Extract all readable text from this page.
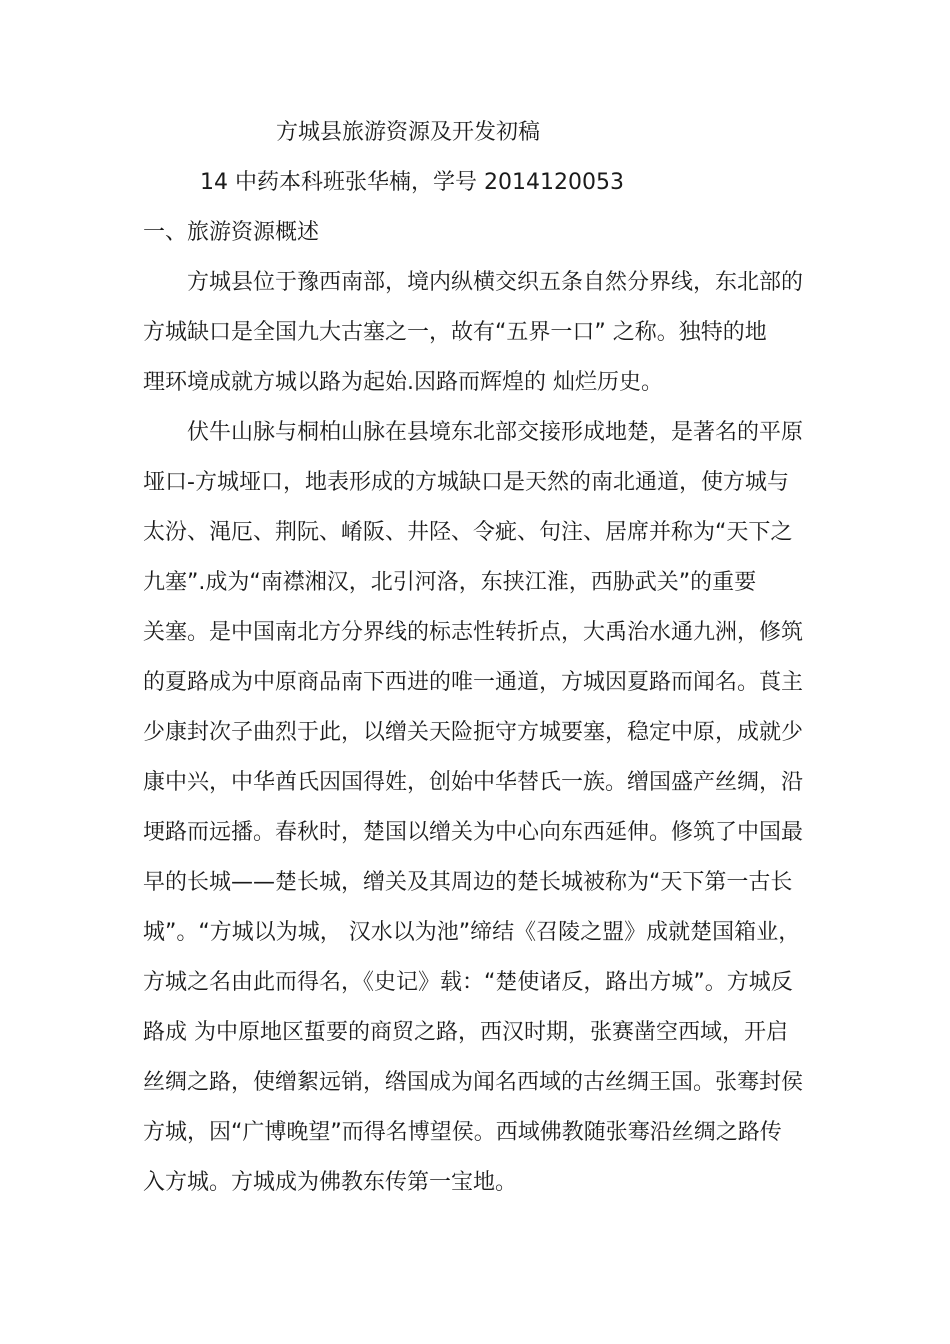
方城县旅游资源及开发初稿
14 中药本科班张华楠，学号 2014120053
一、旅游资源概述
方城县位于豫西南部，境内纵横交织五条自然分界线，东北部的
方城缺口是全国九大古塞之一，故有“五界一口” 之称。独特的地
理环境成就方城以路为起始.因路而辉煌的 灿烂历史。
伏牛山脉与桐柏山脉在县境东北部交接形成地楚，是著名的平原
垭口-方城垭口，地表形成的方城缺口是天然的南北通道，使方城与
太汾、渑厄、荆阮、崤阪、井陉、令疵、句注、居席并称为“天下之
九塞”.成为“南襟湘汉，北引河洛，东挟江淮，西胁武关”的重要
关塞。是中国南北方分界线的标志性转折点，大禹治水通九洲，修筑
的夏路成为中原商品南下西进的唯一通道，方城因夏路而闻名。莨主
少康封次子曲烈于此，以缯关天险扼守方城要塞，稳定中原，成就少
康中兴，中华酋氏因国得姓，创始中华替氏一族。缯国盛产丝绸，沿
埂路而远播。春秋时，楚国以缯关为中心向东西延伸。修筑了中国最
早的长城——楚长城，缯关及其周边的楚长城被称为“天下第一古长
城”。“方城以为城， 汉水以为池”缔结《召陵之盟》成就楚国箱业，
方城之名由此而得名，《史记》载：“楚使诸反，路出方城”。方城反
路成 为中原地区蜇要的商贸之路，西汉时期，张赛凿空西域，开启
丝绸之路，使缯絮远销，绺国成为闻名西域的古丝绸王国。张骞封侯
方城，因“广博晚望”而得名博望侯。西域佛教随张骞沿丝绸之路传
入方城。方城成为佛教东传第一宝地。
